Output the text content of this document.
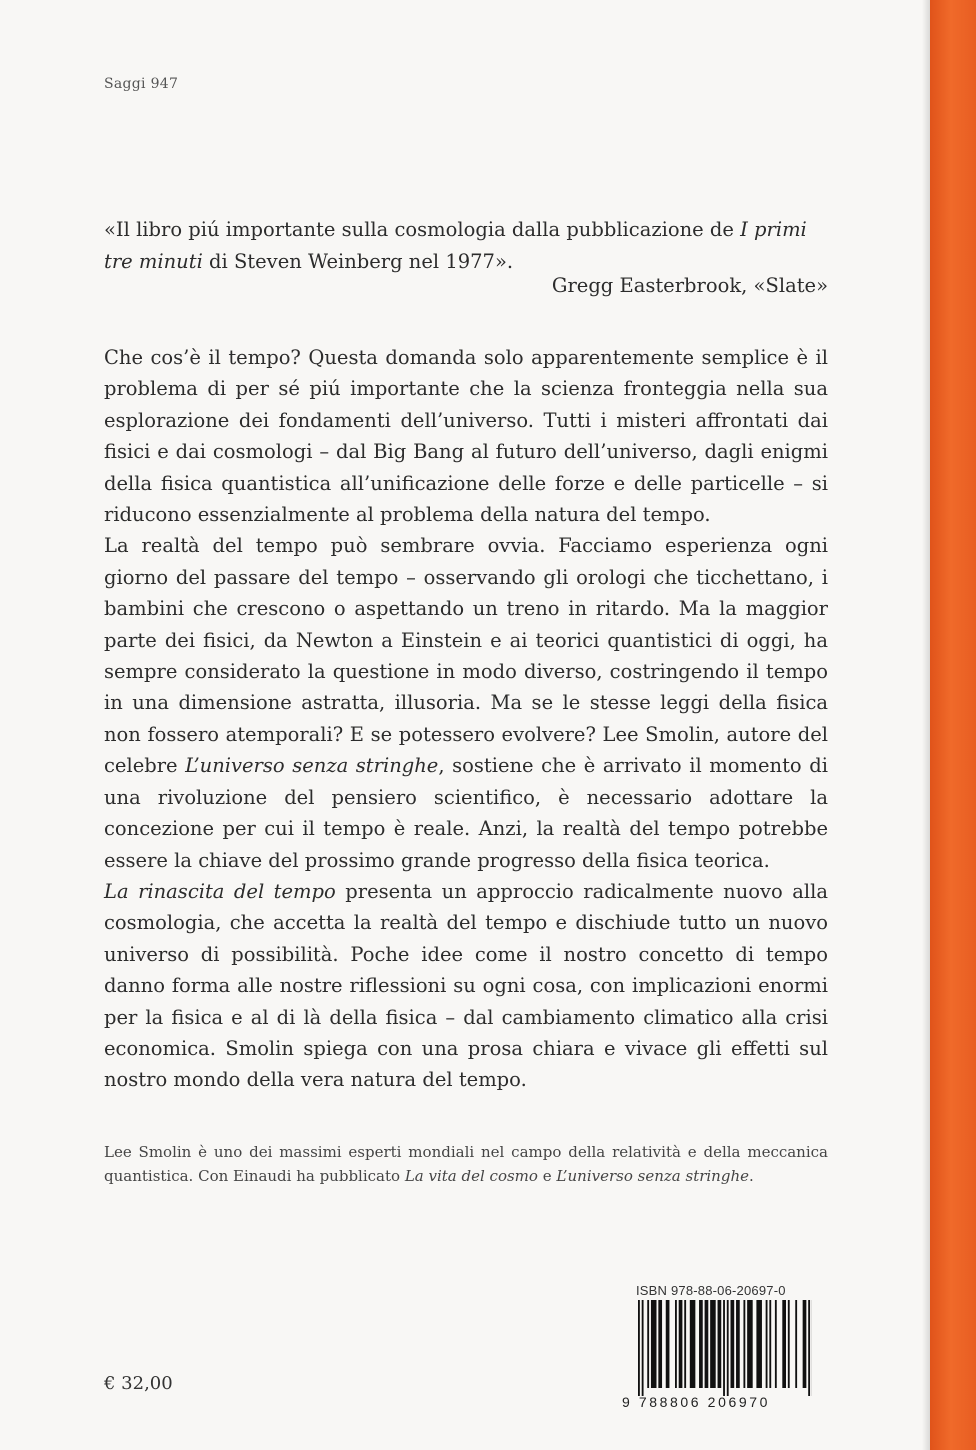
Saggi 947
«Il libro piú importante sulla cosmologia dalla pubblicazione de I primi tre minuti di Steven Weinberg nel 1977».
Gregg Easterbrook, «Slate»

Che cos’è il tempo? Questa domanda solo apparentemente semplice è il problema di per sé piú importante che la scienza fronteggia nella sua esplorazione dei fondamenti dell’universo. Tutti i misteri affrontati dai fisici e dai cosmologi – dal Big Bang al futuro dell’universo, dagli enigmi della fisica quantistica all’unificazione delle forze e delle particelle – si riducono essenzialmente al problema della natura del tempo.

La realtà del tempo può sembrare ovvia. Facciamo esperienza ogni giorno del passare del tempo – osservando gli orologi che ticchettano, i bambini che crescono o aspettando un treno in ritardo. Ma la maggior parte dei fisici, da Newton a Einstein e ai teorici quantistici di oggi, ha sempre considerato la questione in modo diverso, costringendo il tempo in una dimensione astratta, illusoria. Ma se le stesse leggi della fisica non fossero atemporali? E se potessero evolvere? Lee Smolin, autore del celebre L’universo senza stringhe, sostiene che è arrivato il momento di una rivoluzione del pensiero scientifico, è necessario adottare la concezione per cui il tempo è reale. Anzi, la realtà del tempo potrebbe essere la chiave del prossimo grande progresso della fisica teorica.

La rinascita del tempo presenta un approccio radicalmente nuovo alla cosmologia, che accetta la realtà del tempo e dischiude tutto un nuovo universo di possibilità. Poche idee come il nostro concetto di tempo danno forma alle nostre riflessioni su ogni cosa, con implicazioni enormi per la fisica e al di là della fisica – dal cambiamento climatico alla crisi economica. Smolin spiega con una prosa chiara e vivace gli effetti sul nostro mondo della vera natura del tempo.

Lee Smolin è uno dei massimi esperti mondiali nel campo della relatività e della meccanica quantistica. Con Einaudi ha pubblicato La vita del cosmo e L’universo senza stringhe.
ISBN 978-88-06-20697-0
9 788806 206970
€ 32,00
